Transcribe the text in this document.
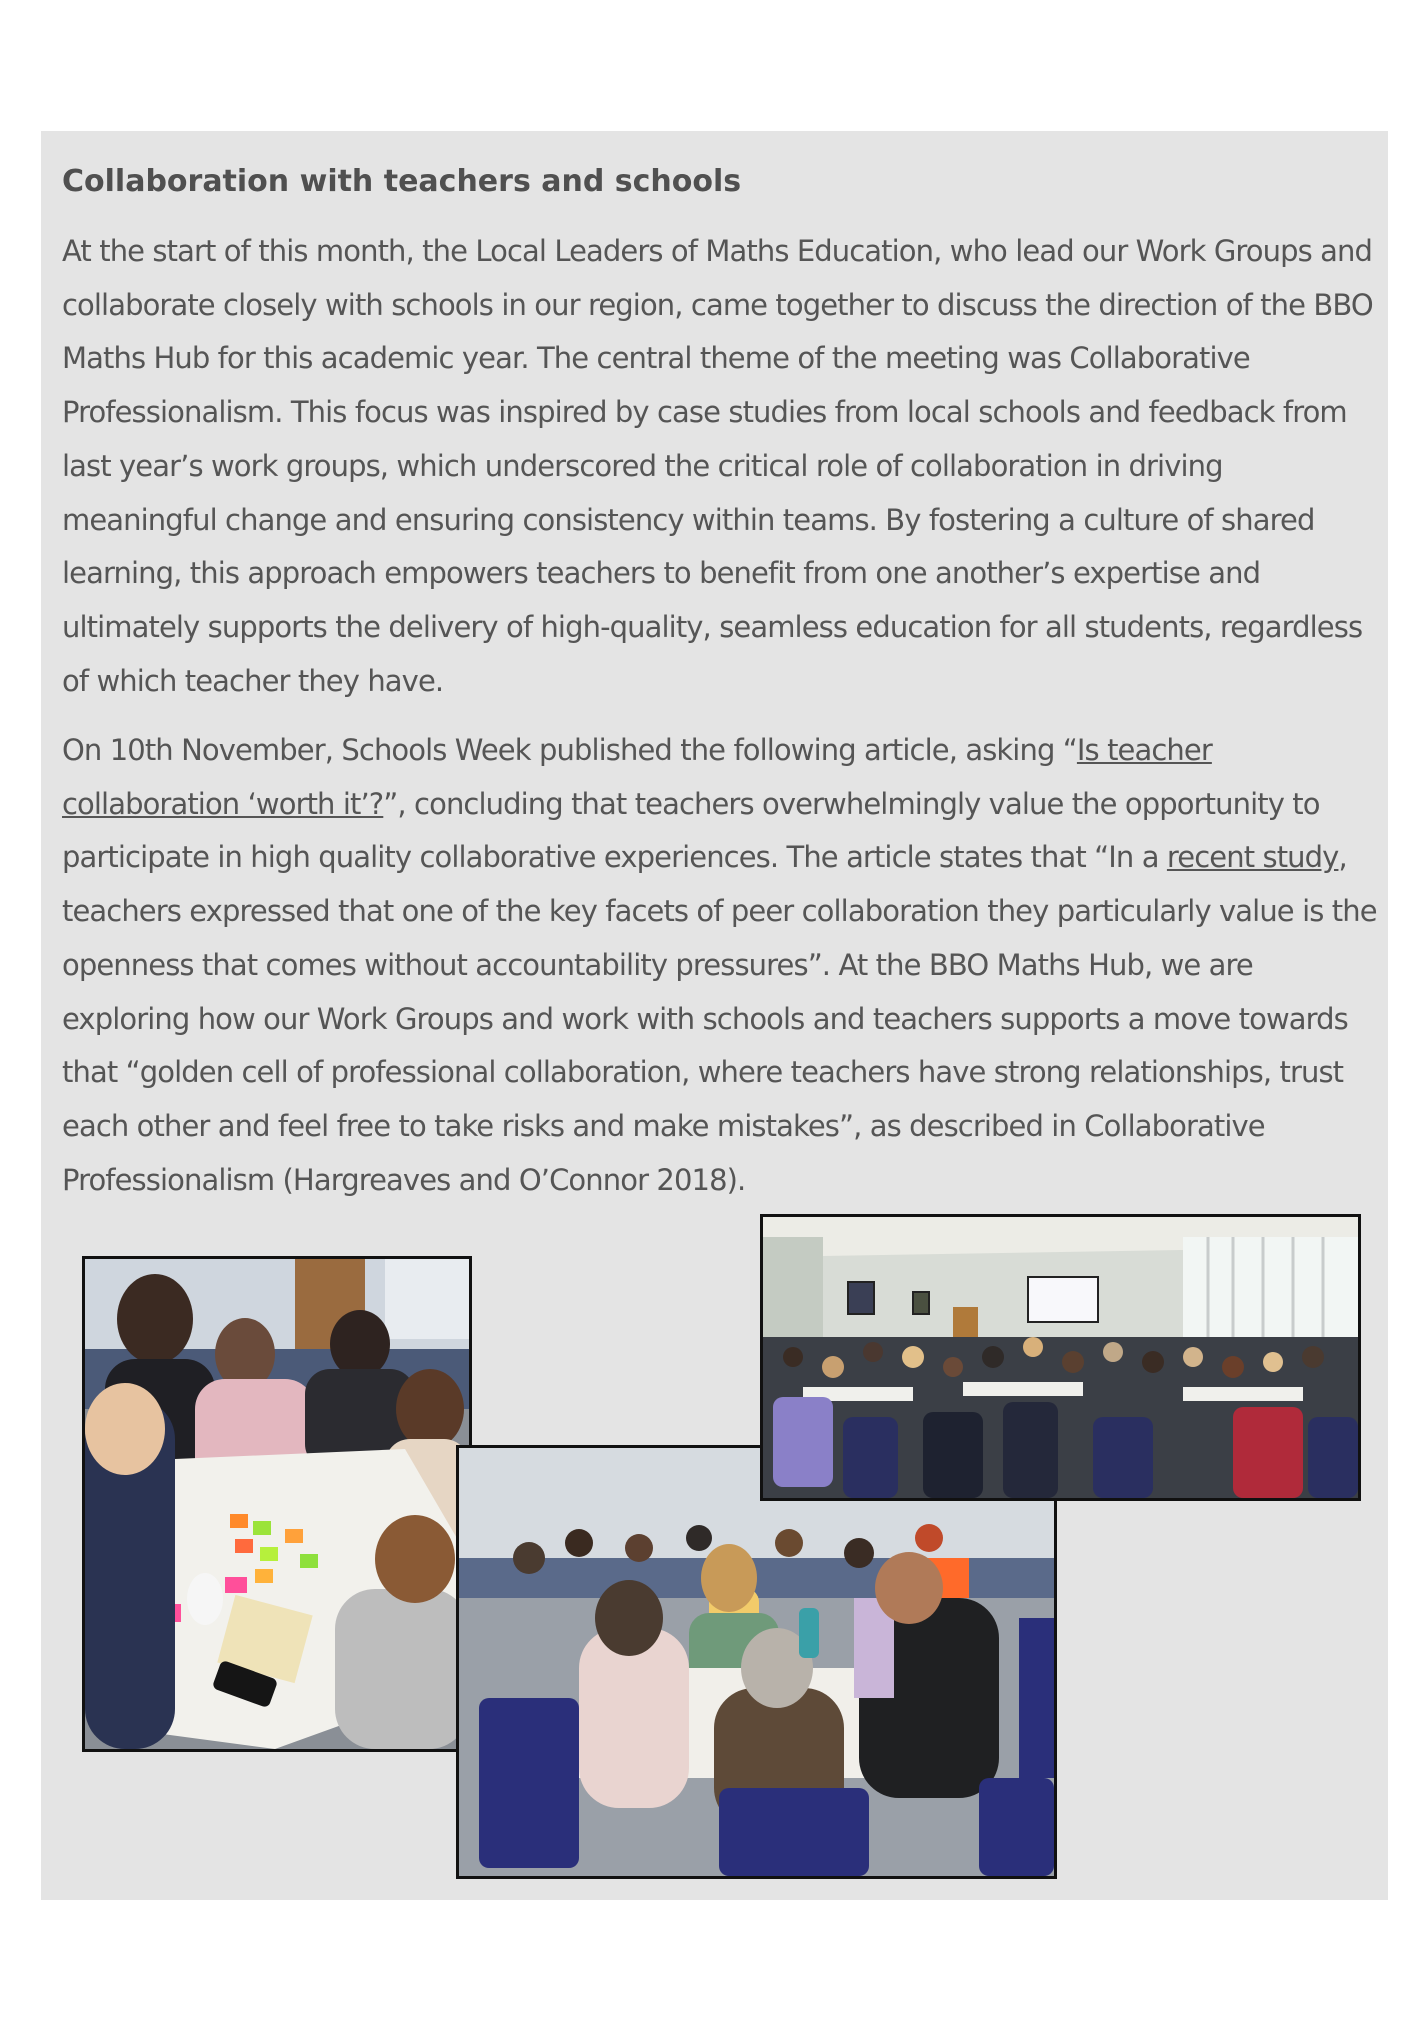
Collaboration with teachers and schools

At the start of this month, the Local Leaders of Maths Education, who lead our Work Groups and collaborate closely with schools in our region, came together to discuss the direction of the BBO Maths Hub for this academic year. The central theme of the meeting was Collaborative Professionalism. This focus was inspired by case studies from local schools and feedback from last year’s work groups, which underscored the critical role of collaboration in driving meaningful change and ensuring consistency within teams. By fostering a culture of shared learning, this approach empowers teachers to benefit from one another’s expertise and ultimately supports the delivery of high-quality, seamless education for all students, regardless of which teacher they have.

On 10th November, Schools Week published the following article, asking “Is teacher collaboration ‘worth it’?”, concluding that teachers overwhelmingly value the opportunity to participate in high quality collaborative experiences. The article states that “In a recent study, teachers expressed that one of the key facets of peer collaboration they particularly value is the openness that comes without accountability pressures”. At the BBO Maths Hub, we are exploring how our Work Groups and work with schools and teachers supports a move towards that “golden cell of professional collaboration, where teachers have strong relationships, trust each other and feel free to take risks and make mistakes”, as described in Collaborative Professionalism (Hargreaves and O’Connor 2018).
